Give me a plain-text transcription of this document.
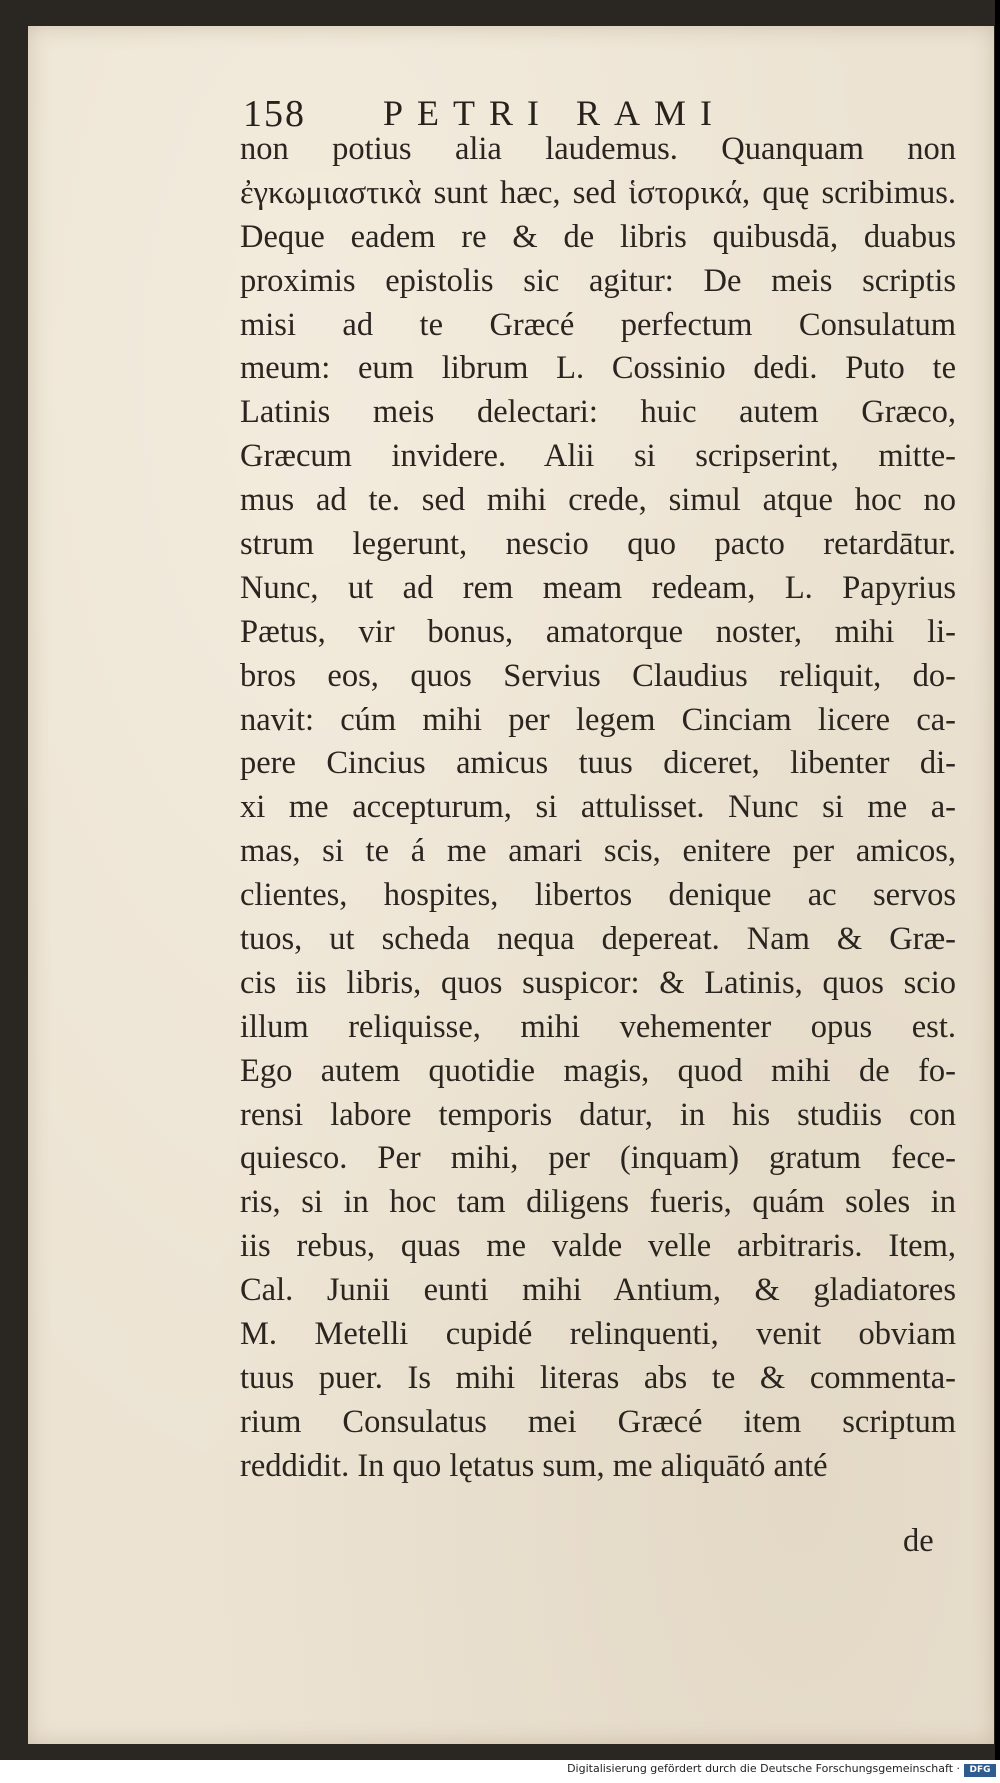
158 PETRI RAMI
non potius alia laudemus. Quanquam non
ἐγκωμιαστικὰ sunt hæc, sed ἱστορικά, quę scribimus.
Deque eadem re & de libris quibusdā, duabus
proximis epistolis sic agitur: De meis scriptis
misi ad te Græcé perfectum Consulatum
meum: eum librum L. Cossinio dedi. Puto te
Latinis meis delectari: huic autem Græco,
Græcum invidere. Alii si scripserint, mitte-
mus ad te. sed mihi crede, simul atque hoc no
strum legerunt, nescio quo pacto retardātur.
Nunc, ut ad rem meam redeam, L. Papyrius
Pætus, vir bonus, amatorque noster, mihi li-
bros eos, quos Servius Claudius reliquit, do-
navit: cúm mihi per legem Cinciam licere ca-
pere Cincius amicus tuus diceret, libenter di-
xi me accepturum, si attulisset. Nunc si me a-
mas, si te á me amari scis, enitere per amicos,
clientes, hospites, libertos denique ac servos
tuos, ut scheda nequa depereat. Nam & Græ-
cis iis libris, quos suspicor: & Latinis, quos scio
illum reliquisse, mihi vehementer opus est.
Ego autem quotidie magis, quod mihi de fo-
rensi labore temporis datur, in his studiis con
quiesco. Per mihi, per (inquam) gratum fece-
ris, si in hoc tam diligens fueris, quám soles in
iis rebus, quas me valde velle arbitraris. Item,
Cal. Junii eunti mihi Antium, & gladiatores
M. Metelli cupidé relinquenti, venit obviam
tuus puer. Is mihi literas abs te & commenta-
rium Consulatus mei Græcé item scriptum
reddidit. In quo lętatus sum, me aliquātó anté
de
Digitalisierung gefördert durch die Deutsche Forschungsgemeinschaft ·	DFG
